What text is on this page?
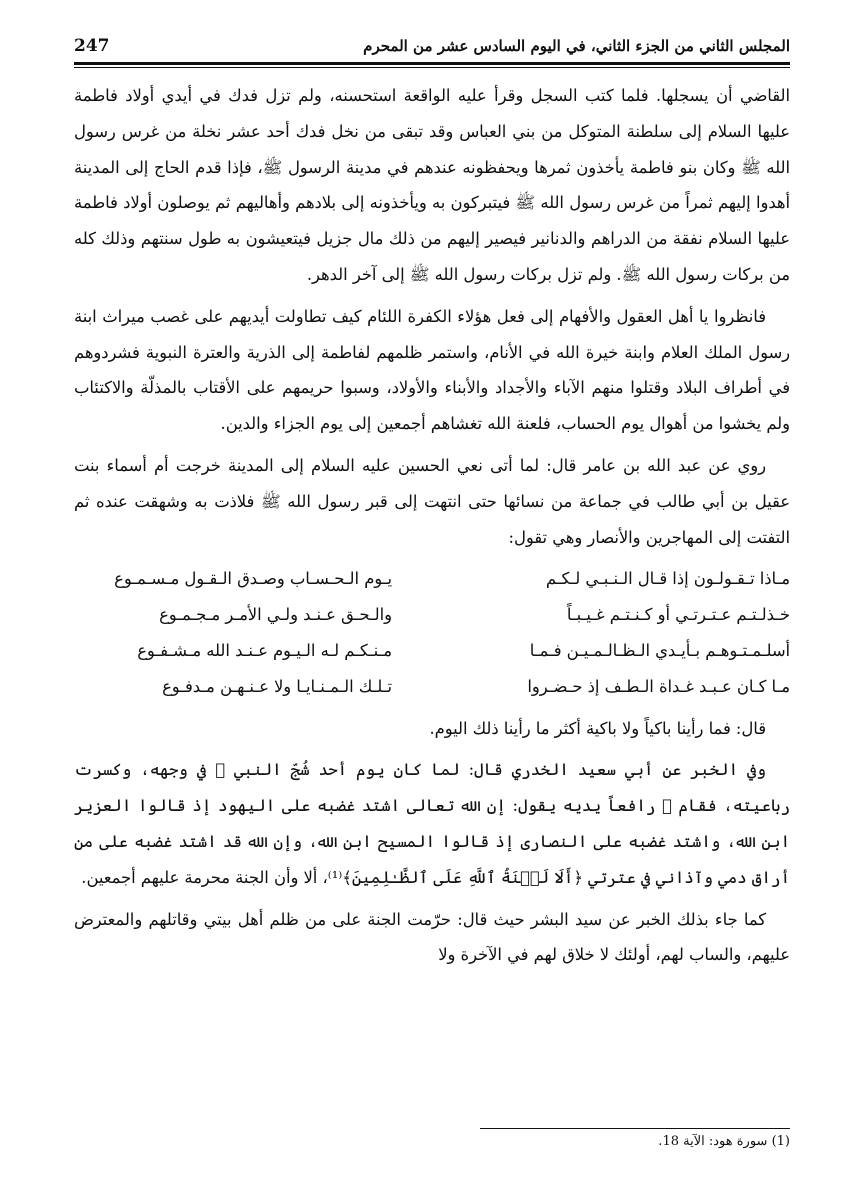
المجلس الثاني من الجزء الثاني، في اليوم السادس عشر من المحرم
247

القاضي أن يسجلها. فلما كتب السجل وقرأ عليه الواقعة استحسنه، ولم تزل فدك في أيدي أولاد فاطمة عليها السلام إلى سلطنة المتوكل من بني العباس وقد تبقى من نخل فدك أحد عشر نخلة من غرس رسول الله ﷺ وكان بنو فاطمة يأخذون ثمرها ويحفظونه عندهم في مدينة الرسول ﷺ، فإذا قدم الحاج إلى المدينة أهدوا إليهم ثمراً من غرس رسول الله ﷺ فيتبركون به ويأخذونه إلى بلادهم وأهاليهم ثم يوصلون أولاد فاطمة عليها السلام نفقة من الدراهم والدنانير فيصير إليهم من ذلك مال جزيل فيتعيشون به طول سنتهم وذلك كله من بركات رسول الله ﷺ. ولم تزل بركات رسول الله ﷺ إلى آخر الدهر.

فانظروا يا أهل العقول والأفهام إلى فعل هؤلاء الكفرة اللئام كيف تطاولت أيديهم على غصب ميراث ابنة رسول الملك العلام وابنة خيرة الله في الأنام، واستمر ظلمهم لفاطمة إلى الذرية والعترة النبوية فشردوهم في أطراف البلاد وقتلوا منهم الآباء والأجداد والأبناء والأولاد، وسبوا حريمهم على الأقتاب بالمذلّة والاكتئاب ولم يخشوا من أهوال يوم الحساب، فلعنة الله تغشاهم أجمعين إلى يوم الجزاء والدين.

روي عن عبد الله بن عامر قال: لما أتى نعي الحسين عليه السلام إلى المدينة خرجت أم أسماء بنت عقيل بن أبي طالب في جماعة من نسائها حتى انتهت إلى قبر رسول الله ﷺ فلاذت به وشهقت عنده ثم التفتت إلى المهاجرين والأنصار وهي تقول:

مـاذا تـقـولـون إذا قـال الـنـبـي لـكـم
يـوم الـحـسـاب وصـدق الـقـول مـسـمـوع
خـذلـتـم عـتـرتـي أو كـنـتـم غـيـبـاً
والـحـق عـنـد ولـي الأمـر مـجـمـوع
أسلـمـتـوهـم بـأيـدي الـظـالـمـيـن فـمـا
مـنـكـم لـه الـيـوم عـنـد الله مـشـفـوع
مـا كـان عـبـد غـداة الـطـف إذ حـضـروا
تـلـك الـمـنـايـا ولا عـنـهـن مـدفـوع

قال: فما رأينا باكياً ولا باكية أكثر ما رأينا ذلك اليوم.

وفي الخبر عن أبي سعيد الخدري قال: لما كان يوم أحد شُجّ النبي ﷺ في وجهه، وكسرت رباعيته، فقام ﷺ رافعاً يديه يقول: إن الله تعالى اشتد غضبه على اليهود إذ قالوا العزير ابن الله، واشتد غضبه على النصارى إذ قالوا المسيح ابن الله، وإن الله قد اشتد غضبه على من أراق دمي وآذاني في عترتي ﴿أَلَا لَعۡنَةُ ٱللَّهِ عَلَى ٱلظَّـٰلِمِينَ﴾⁽¹⁾، ألا وأن الجنة محرمة عليهم أجمعين.

كما جاء بذلك الخبر عن سيد البشر حيث قال: حرّمت الجنة على من ظلم أهل بيتي وقاتلهم والمعترض عليهم، والساب لهم، أولئك لا خلاق لهم في الآخرة ولا

(1) سورة هود: الآية 18.
